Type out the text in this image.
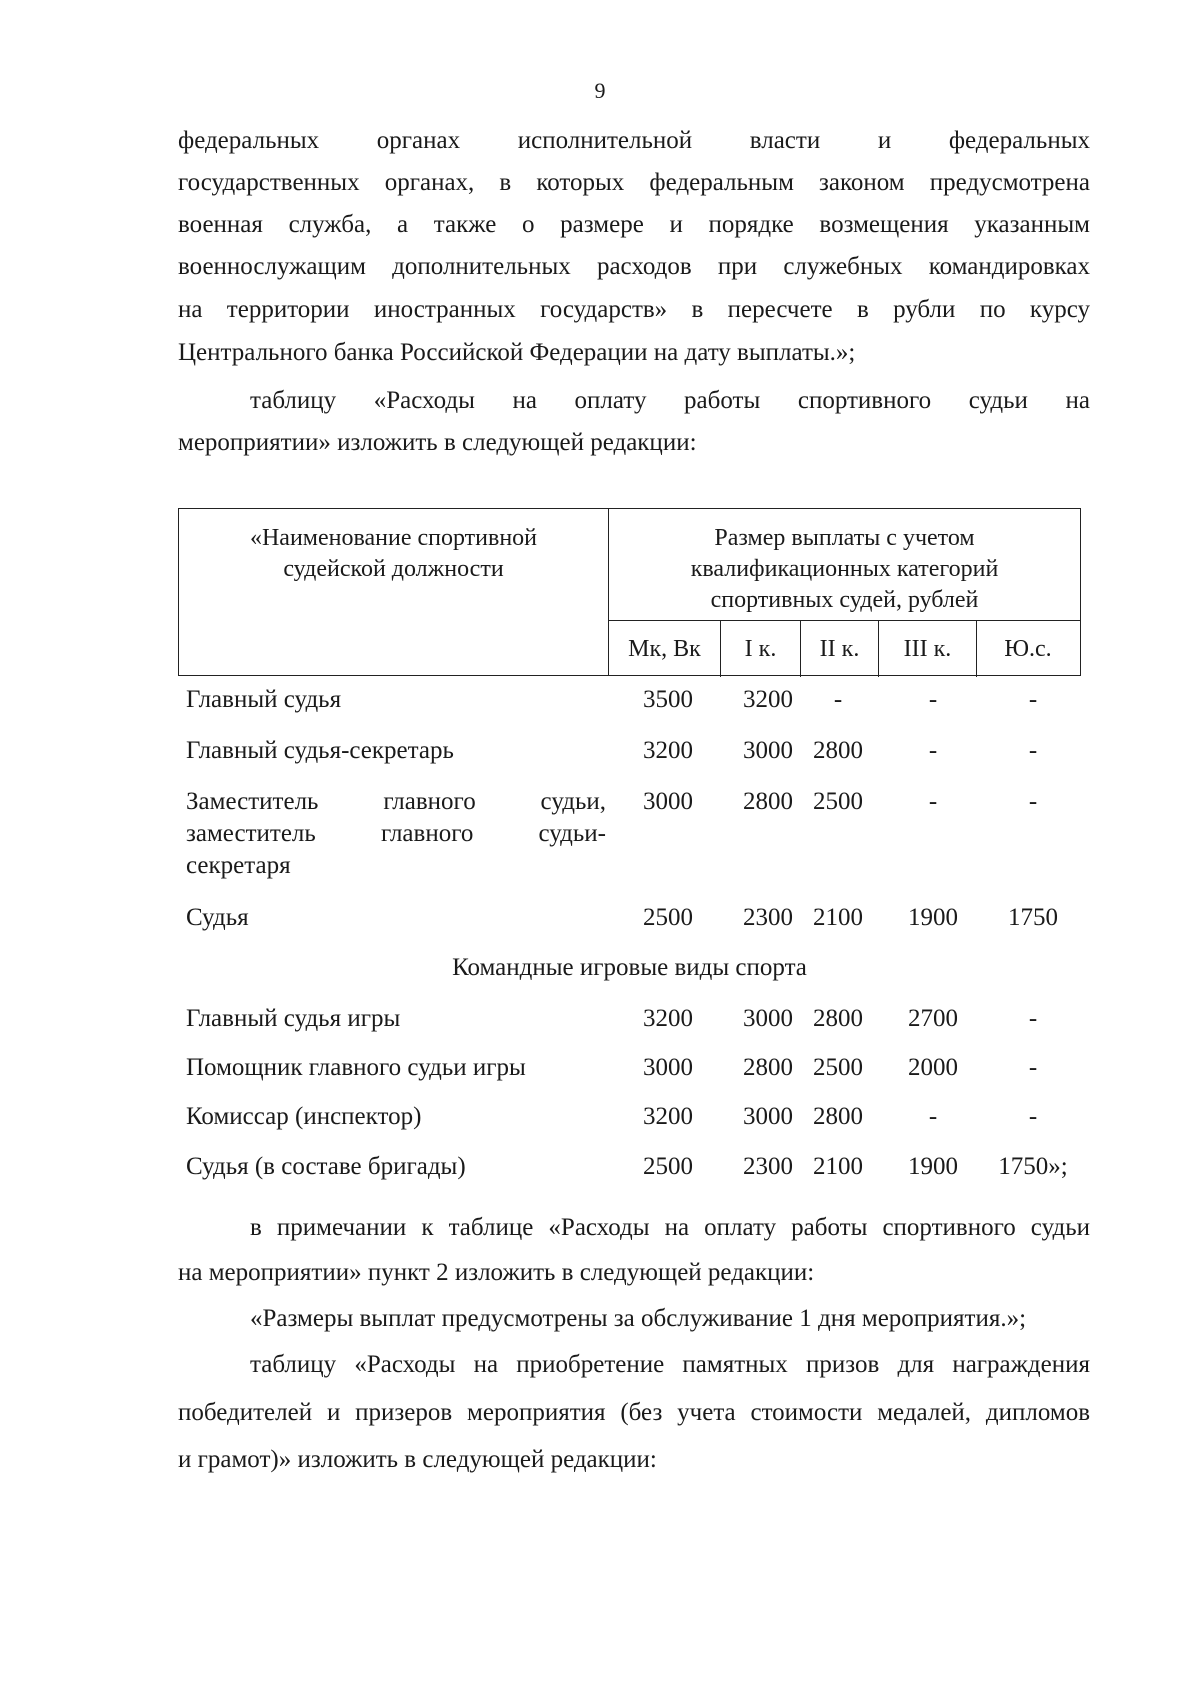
9

федеральных органах исполнительной власти и федеральных

государственных органах, в которых федеральным законом предусмотрена

военная служба, а также о размере и порядке возмещения указанным

военнослужащим дополнительных расходов при служебных командировках

на территории иностранных государств» в пересчете в рубли по курсу

Центрального банка Российской Федерации на дату выплаты.»;

таблицу «Расходы на оплату работы спортивного судьи на

мероприятии» изложить в следующей редакции:

«Наименование спортивной
судейской должности
Размер выплаты с учетом
квалификационных категорий
спортивных судей, рублей
Мк, Вк	I к.	II к.	III к.	Ю.с.
Главный судья	3500	3200	-	-	-
Главный судья-секретарь	3200	3000 2800	-	-
Заместитель главного судьи,
заместитель главного судьи-
секретаря
3000	2800 2500	-	-
Судья	2500	2300 2100	1900	1750
Командные игровые виды спорта
Главный судья игры	3200	3000 2800	2700	-
Помощник главного судьи игры	3000	2800 2500	2000	-
Комиссар (инспектор)	3200	3000 2800	-	-
Судья (в составе бригады)	2500	2300 2100	1900	1750»;

в примечании к таблице «Расходы на оплату работы спортивного судьи

на мероприятии» пункт 2 изложить в следующей редакции:

«Размеры выплат предусмотрены за обслуживание 1 дня мероприятия.»;

таблицу «Расходы на приобретение памятных призов для награждения

победителей и призеров мероприятия (без учета стоимости медалей, дипломов

и грамот)» изложить в следующей редакции:
